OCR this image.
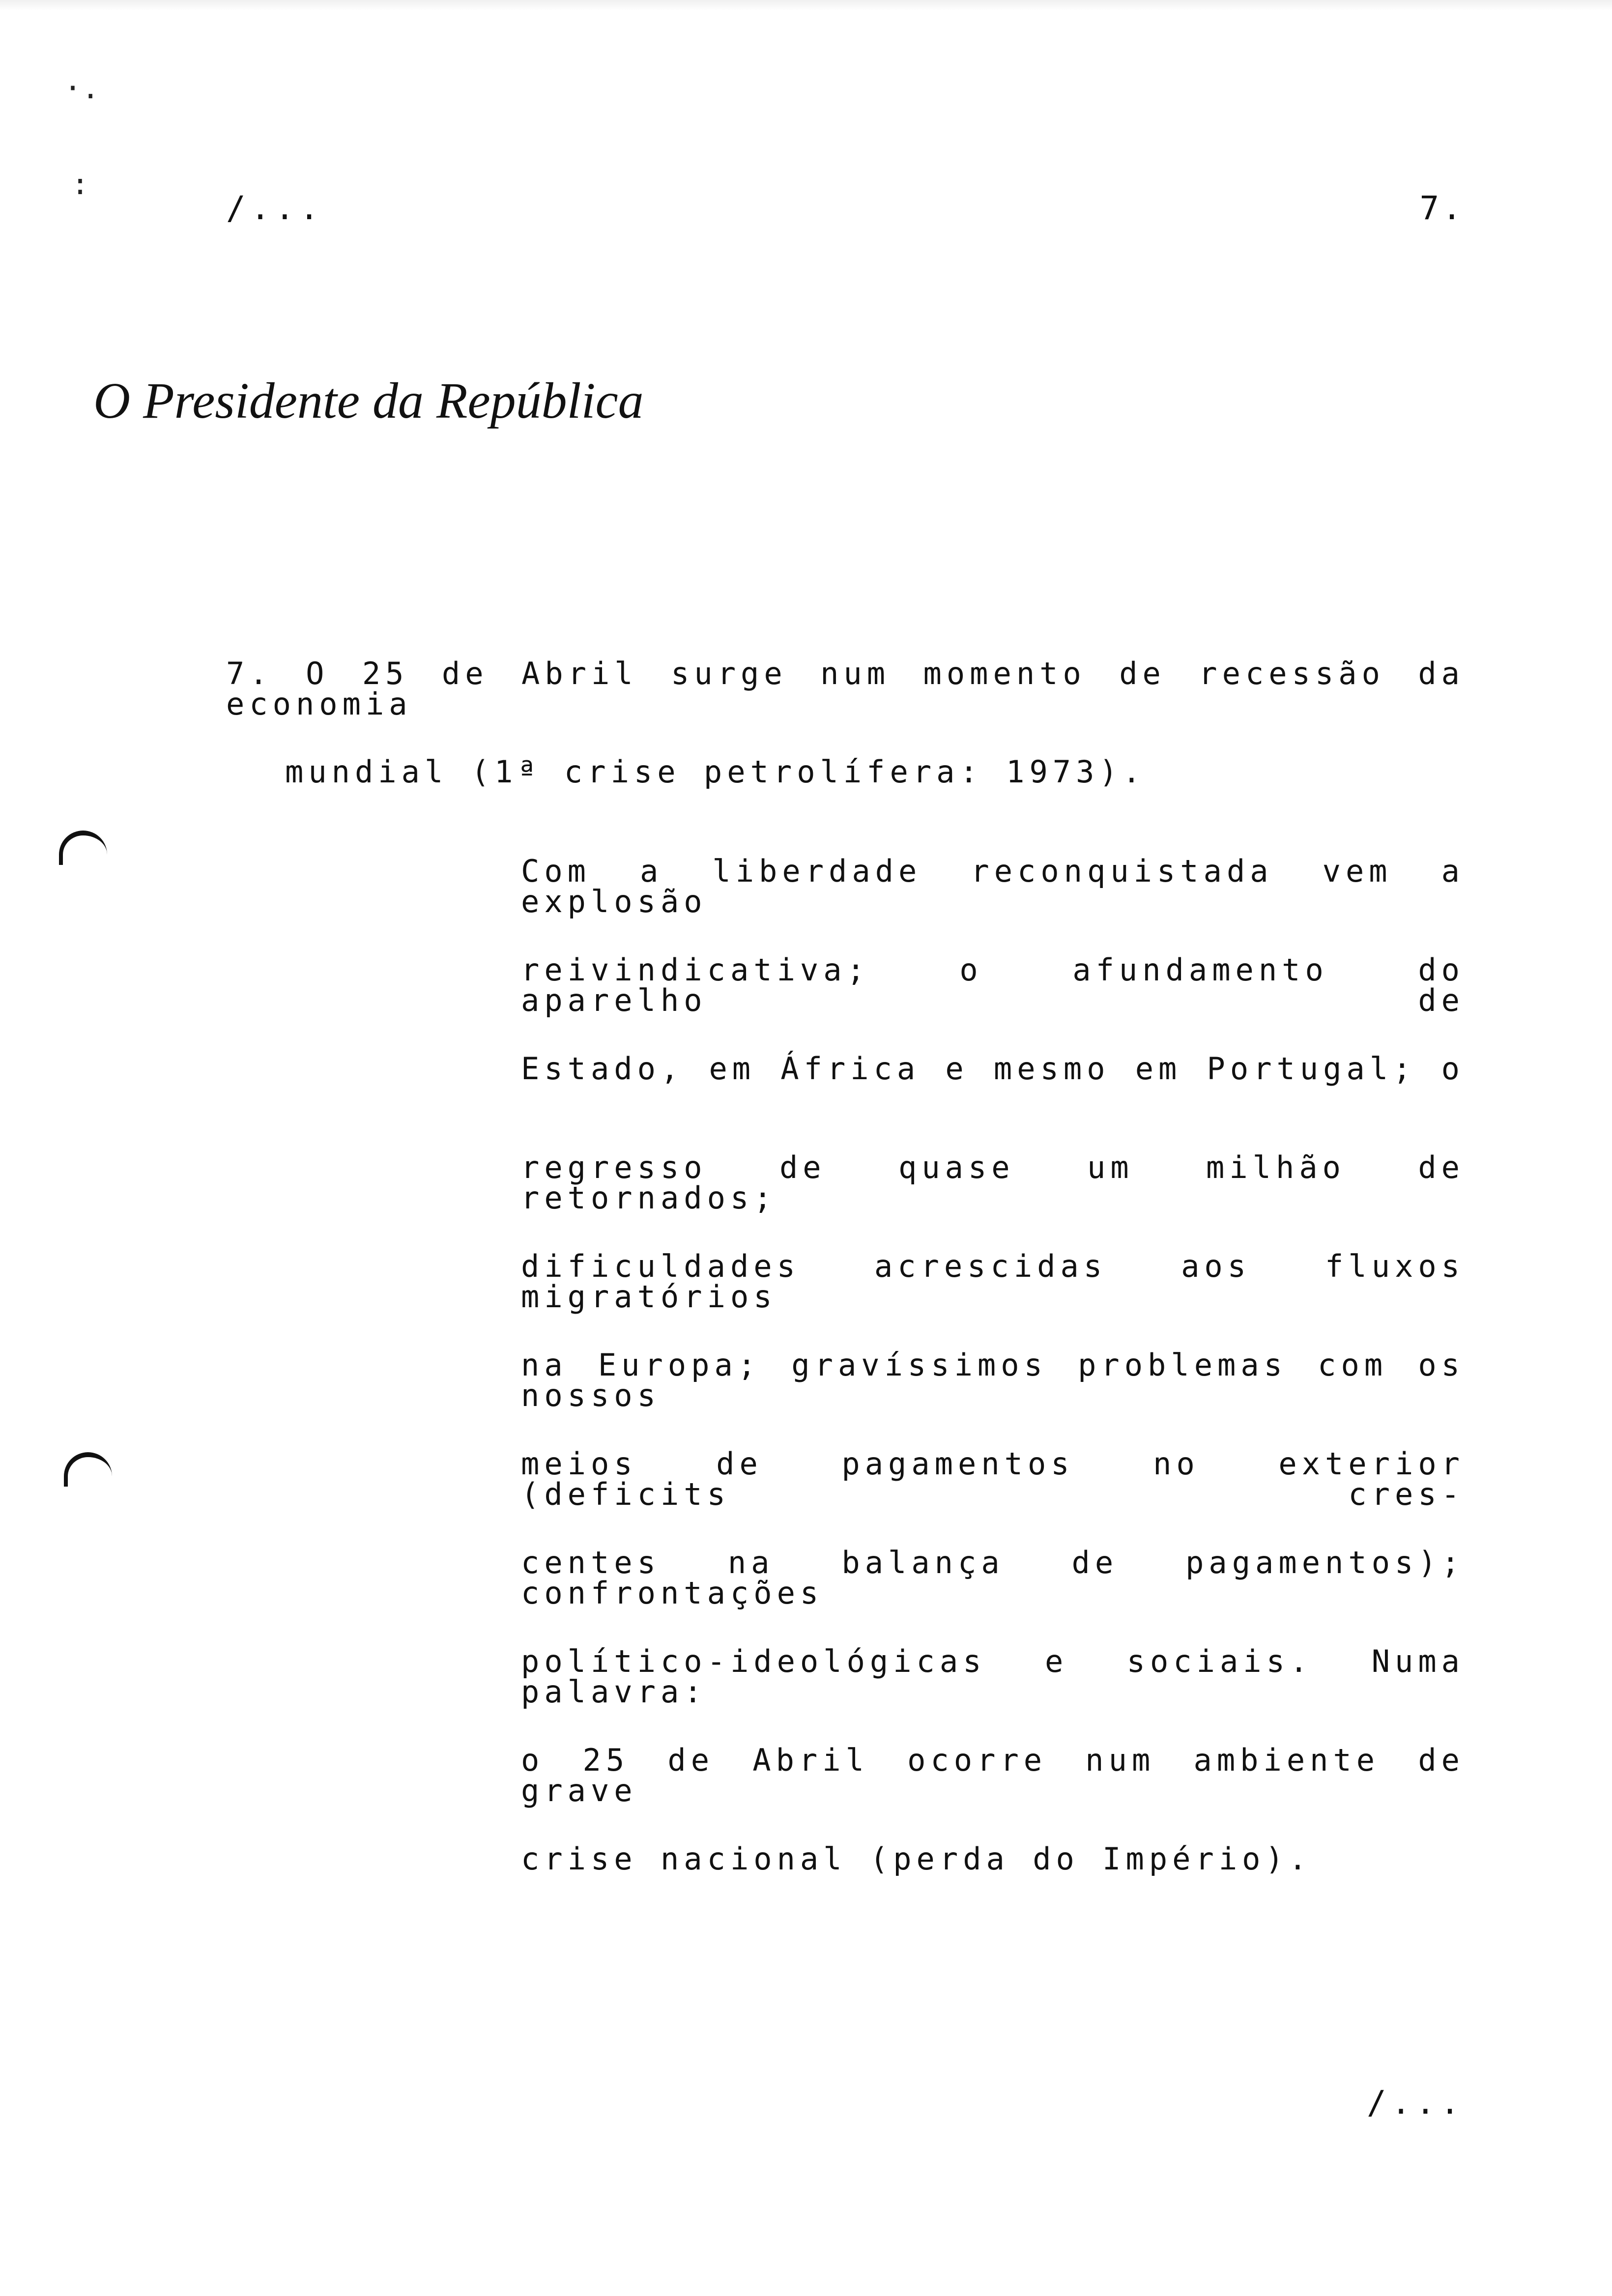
·.
:
/...	7.
O Presidente da República
7. O 25 de Abril surge num momento de recessão da economia
mundial (1ª crise petrolífera: 1973).
Com a liberdade reconquistada vem a explosão
reivindicativa; o afundamento do aparelho de
Estado, em África e mesmo em Portugal; o
regresso de quase um milhão de retornados;
dificuldades acrescidas aos fluxos migratórios
na Europa; gravíssimos problemas com os nossos
meios de pagamentos no exterior (deficits cres-
centes na balança de pagamentos); confrontações
político-ideológicas e sociais. Numa palavra:
o 25 de Abril ocorre num ambiente de grave
crise nacional (perda do Império).
/...
